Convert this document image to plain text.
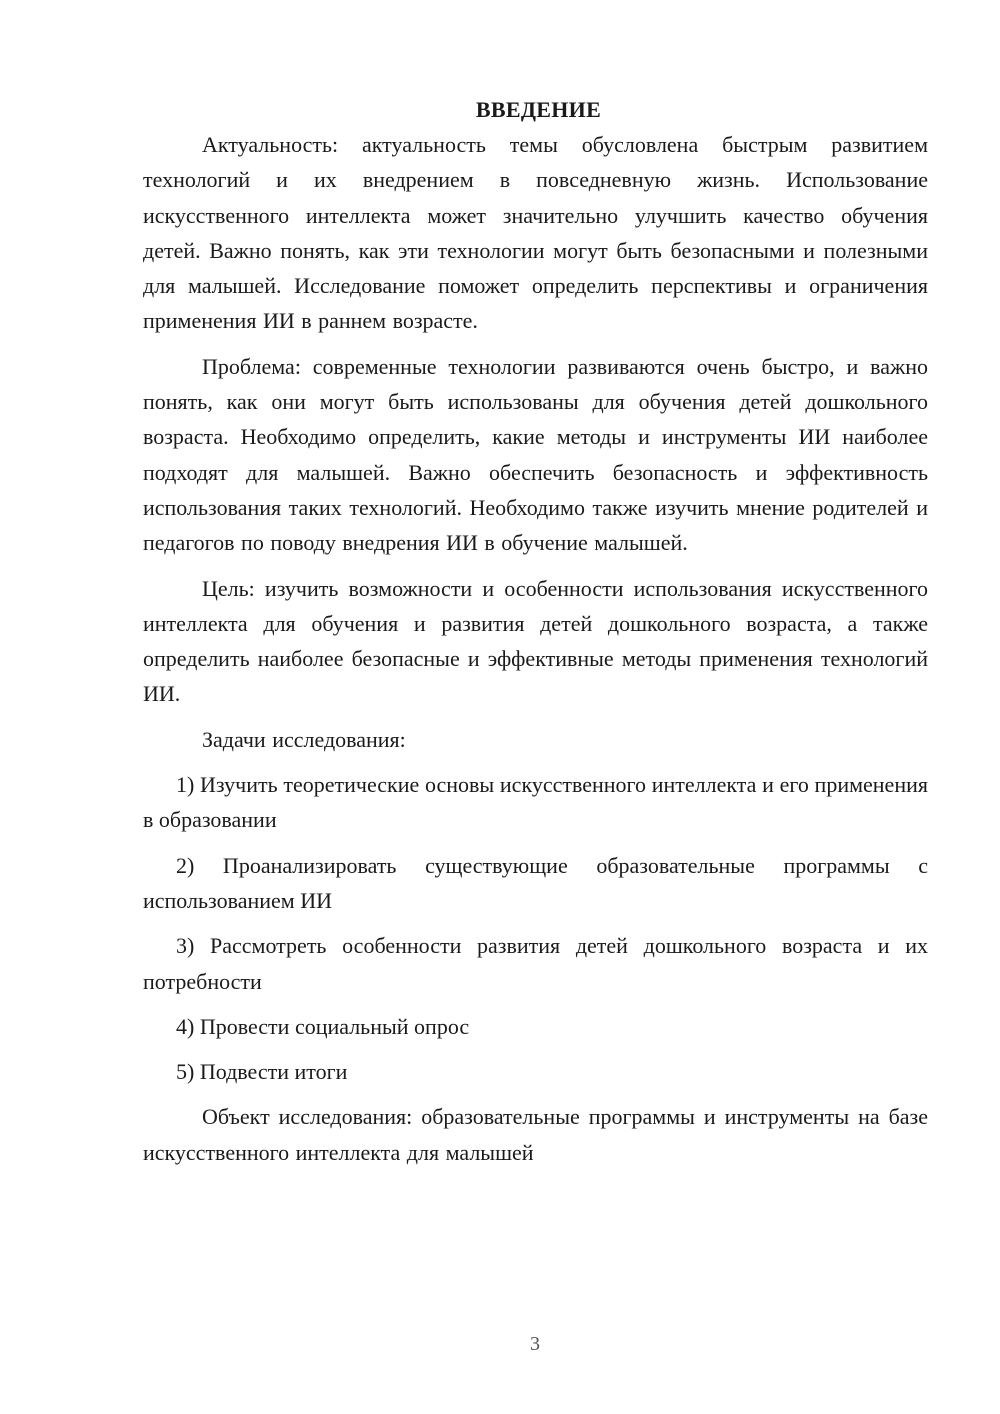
ВВЕДЕНИЕ

Актуальность: актуальность темы обусловлена быстрым развитием технологий и их внедрением в повседневную жизнь. Использование искусственного интеллекта может значительно улучшить качество обучения детей. Важно понять, как эти технологии могут быть безопасными и полезными для малышей. Исследование поможет определить перспективы и ограничения применения ИИ в раннем возрасте.

Проблема: современные технологии развиваются очень быстро, и важно понять, как они могут быть использованы для обучения детей дошкольного возраста. Необходимо определить, какие методы и инструменты ИИ наиболее подходят для малышей. Важно обеспечить безопасность и эффективность использования таких технологий. Необходимо также изучить мнение родителей и педагогов по поводу внедрения ИИ в обучение малышей.

Цель: изучить возможности и особенности использования искусственного интеллекта для обучения и развития детей дошкольного возраста, а также определить наиболее безопасные и эффективные методы применения технологий ИИ.

Задачи исследования:

1) Изучить теоретические основы искусственного интеллекта и его применения в образовании

2) Проанализировать существующие образовательные программы с использованием ИИ

3) Рассмотреть особенности развития детей дошкольного возраста и их потребности

4) Провести социальный опрос

5) Подвести итоги

Объект исследования: образовательные программы и инструменты на базе искусственного интеллекта для малышей

3
